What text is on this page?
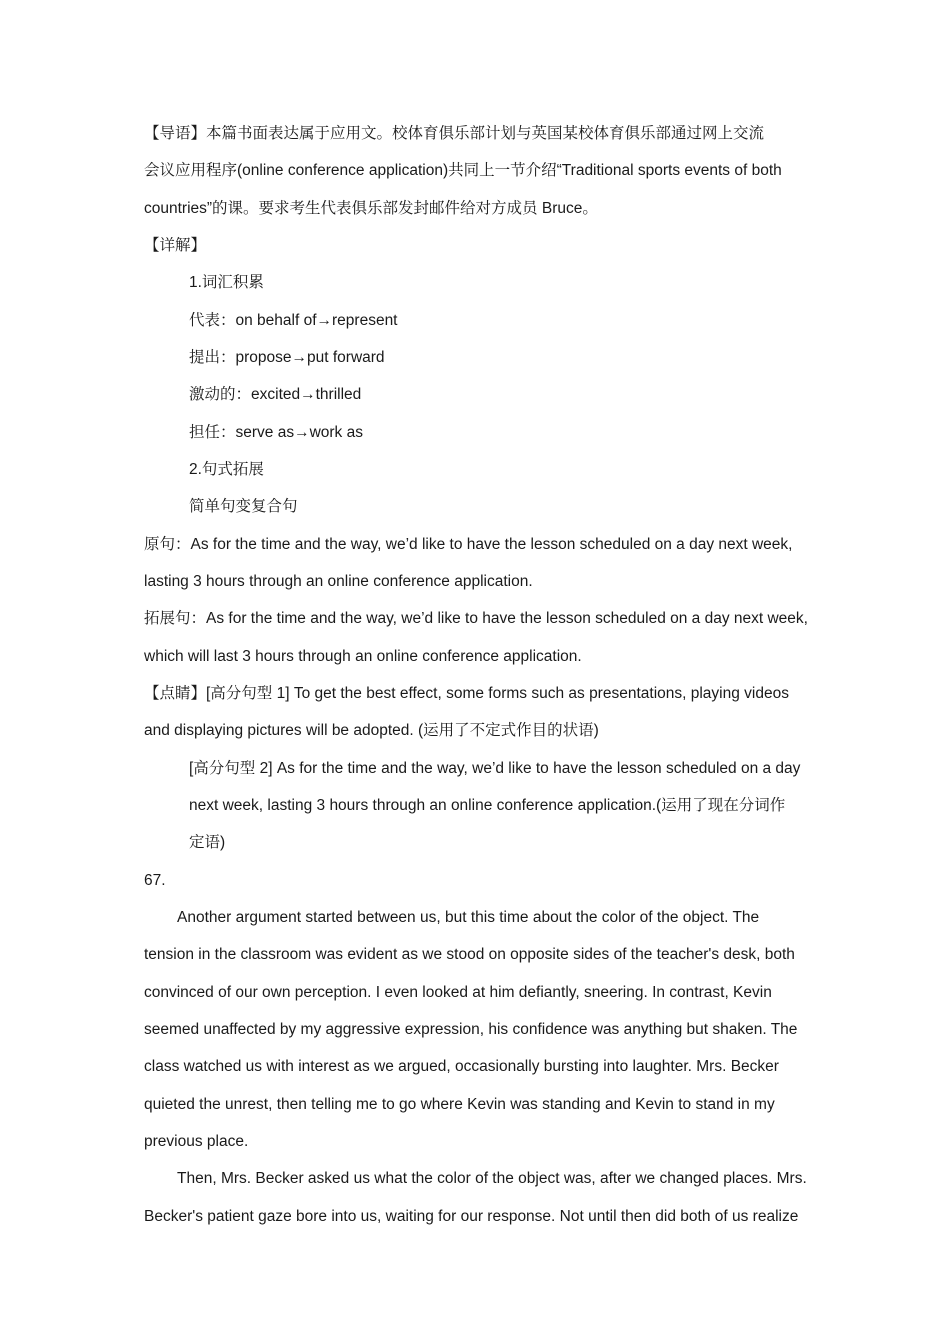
【导语】本篇书面表达属于应用文。校体育俱乐部计划与英国某校体育俱乐部通过网上交流
会议应用程序(online conference application)共同上一节介绍“Traditional sports events of both
countries”的课。要求考生代表俱乐部发封邮件给对方成员 Bruce。
【详解】
1.词汇积累
代表：on behalf of→represent
提出：propose→put forward
激动的：excited→thrilled
担任：serve as→work as
2.句式拓展
简单句变复合句
原句：As for the time and the way, we’d like to have the lesson scheduled on a day next week,
lasting 3 hours through an online conference application.
拓展句：As for the time and the way, we’d like to have the lesson scheduled on a day next week,
which will last 3 hours through an online conference application.
【点睛】[高分句型 1] To get the best effect, some forms such as presentations, playing videos
and displaying pictures will be adopted. (运用了不定式作目的状语)
[高分句型 2] As for the time and the way, we’d like to have the lesson scheduled on a day
next week, lasting 3 hours through an online conference application.(运用了现在分词作
定语)
67.
Another argument started between us, but this time about the color of the object. The
tension in the classroom was evident as we stood on opposite sides of the teacher's desk, both
convinced of our own perception. I even looked at him defiantly, sneering. In contrast, Kevin
seemed unaffected by my aggressive expression, his confidence was anything but shaken. The
class watched us with interest as we argued, occasionally bursting into laughter. Mrs. Becker
quieted the unrest, then telling me to go where Kevin was standing and Kevin to stand in my
previous place.
Then, Mrs. Becker asked us what the color of the object was, after we changed places. Mrs.
Becker's patient gaze bore into us, waiting for our response. Not until then did both of us realize
